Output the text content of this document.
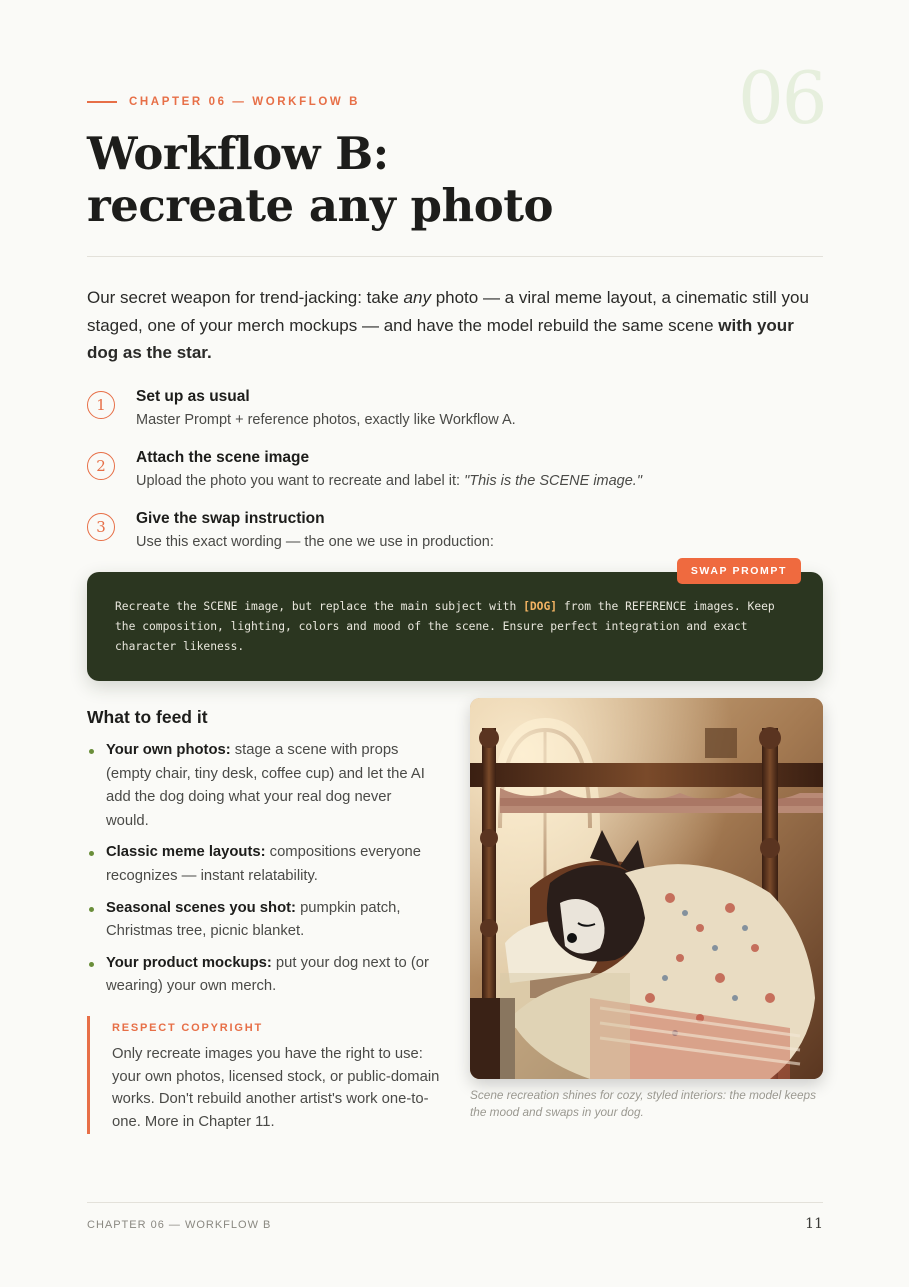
06
CHAPTER 06 — WORKFLOW B
Workflow B:
recreate any photo

Our secret weapon for trend-jacking: take any photo — a viral meme layout, a cinematic still you staged, one of your merch mockups — and have the model rebuild the same scene with your dog as the star.

1	Set up as usual
Master Prompt + reference photos, exactly like Workflow A.
2	Attach the scene image
Upload the photo you want to recreate and label it: "This is the SCENE image."
3	Give the swap instruction
Use this exact wording — the one we use in production:
SWAP PROMPT

Recreate the SCENE image, but replace the main subject with [DOG] from the REFERENCE images. Keep the composition, lighting, colors and mood of the scene. Ensure perfect integration and exact character likeness.

What to feed it
Your own photos: stage a scene with props (empty chair, tiny desk, coffee cup) and let the AI add the dog doing what your real dog never would.
Classic meme layouts: compositions everyone recognizes — instant relatability.
Seasonal scenes you shot: pumpkin patch, Christmas tree, picnic blanket.
Your product mockups: put your dog next to (or wearing) your own merch.
RESPECT COPYRIGHT

Only recreate images you have the right to use: your own photos, licensed stock, or public-domain works. Don't rebuild another artist's work one-to-one. More in Chapter 11.

Scene recreation shines for cozy, styled interiors: the model keeps the mood and swaps in your dog.

CHAPTER 06 — WORKFLOW B	11
